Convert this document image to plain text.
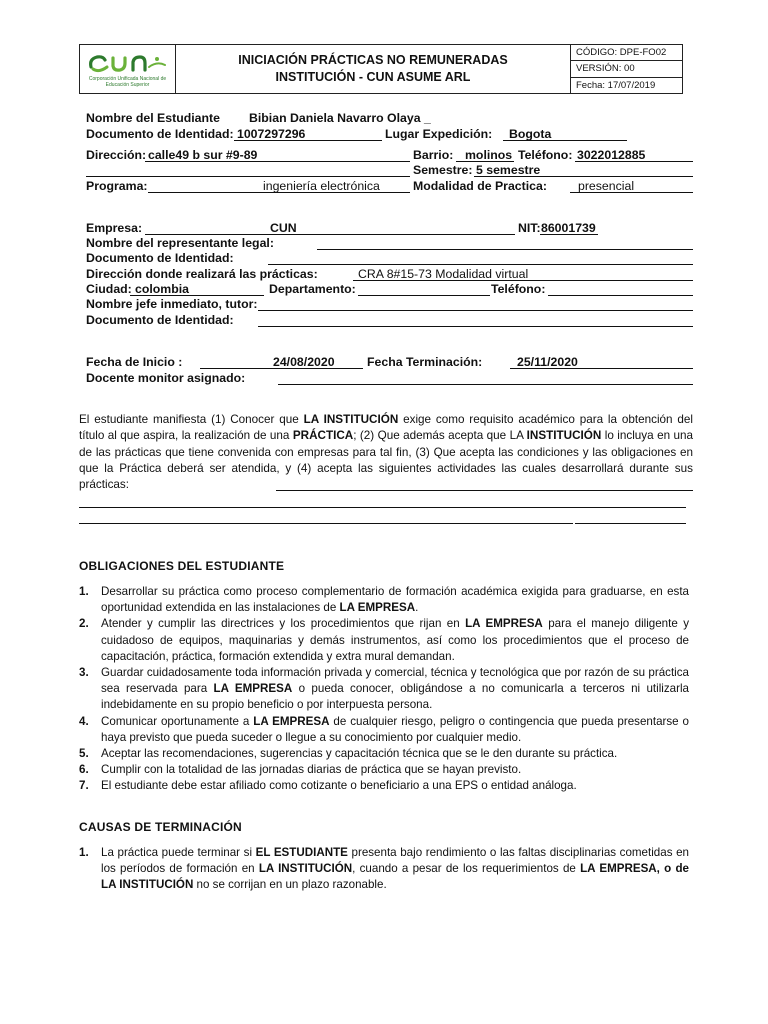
Corporación Unificada Nacional de Educación Superior
INICIACIÓN PRÁCTICAS NO REMUNERADAS
INSTITUCIÓN - CUN ASUME ARL
CÓDIGO: DPE-FO02
VERSIÓN: 00
Fecha: 17/07/2019
Nombre del Estudiante Bibian Daniela Navarro Olaya _
Documento de Identidad: 1007297296	Lugar Expedición: Bogota
Dirección: calle49 b sur #9-89	Barrio: molinos Teléfono: 3022012885
Semestre: 5 semestre
Programa:	ingeniería electrónica	Modalidad de Practica:	presencial
Empresa:	CUN	NIT: 86001739
Nombre del representante legal:
Documento de Identidad:
Dirección donde realizará las prácticas:	CRA 8#15-73 Modalidad virtual
Ciudad: colombia	Departamento:	Teléfono:
Nombre jefe inmediato, tutor:
Documento de Identidad:
Fecha de Inicio :	24/08/2020	Fecha Terminación:	25/11/2020
Docente monitor asignado:
El estudiante manifiesta (1) Conocer que LA INSTITUCIÓN exige como requisito académico para la obtención del título al que aspira, la realización de una PRÁCTICA; (2) Que además acepta que LA INSTITUCIÓN lo incluya en una de las prácticas que tiene convenida con empresas para tal fin, (3) Que acepta las condiciones y las obligaciones en que la Práctica deberá ser atendida, y (4) acepta las siguientes actividades las cuales desarrollará durante sus prácticas:
OBLIGACIONES DEL ESTUDIANTE
1. Desarrollar su práctica como proceso complementario de formación académica exigida para graduarse, en esta oportunidad extendida en las instalaciones de LA EMPRESA.
2. Atender y cumplir las directrices y los procedimientos que rijan en LA EMPRESA para el manejo diligente y cuidadoso de equipos, maquinarias y demás instrumentos, así como los procedimientos que el proceso de capacitación, práctica, formación extendida y extra mural demandan.
3. Guardar cuidadosamente toda información privada y comercial, técnica y tecnológica que por razón de su práctica sea reservada para LA EMPRESA o pueda conocer, obligándose a no comunicarla a terceros ni utilizarla indebidamente en su propio beneficio o por interpuesta persona.
4. Comunicar oportunamente a LA EMPRESA de cualquier riesgo, peligro o contingencia que pueda presentarse o haya previsto que pueda suceder o llegue a su conocimiento por cualquier medio.
5. Aceptar las recomendaciones, sugerencias y capacitación técnica que se le den durante su práctica.
6. Cumplir con la totalidad de las jornadas diarias de práctica que se hayan previsto.
7. El estudiante debe estar afiliado como cotizante o beneficiario a una EPS o entidad análoga.
CAUSAS DE TERMINACIÓN
1. La práctica puede terminar si EL ESTUDIANTE presenta bajo rendimiento o las faltas disciplinarias cometidas en los períodos de formación en LA INSTITUCIÓN, cuando a pesar de los requerimientos de LA EMPRESA, o de LA INSTITUCIÓN no se corrijan en un plazo razonable.
